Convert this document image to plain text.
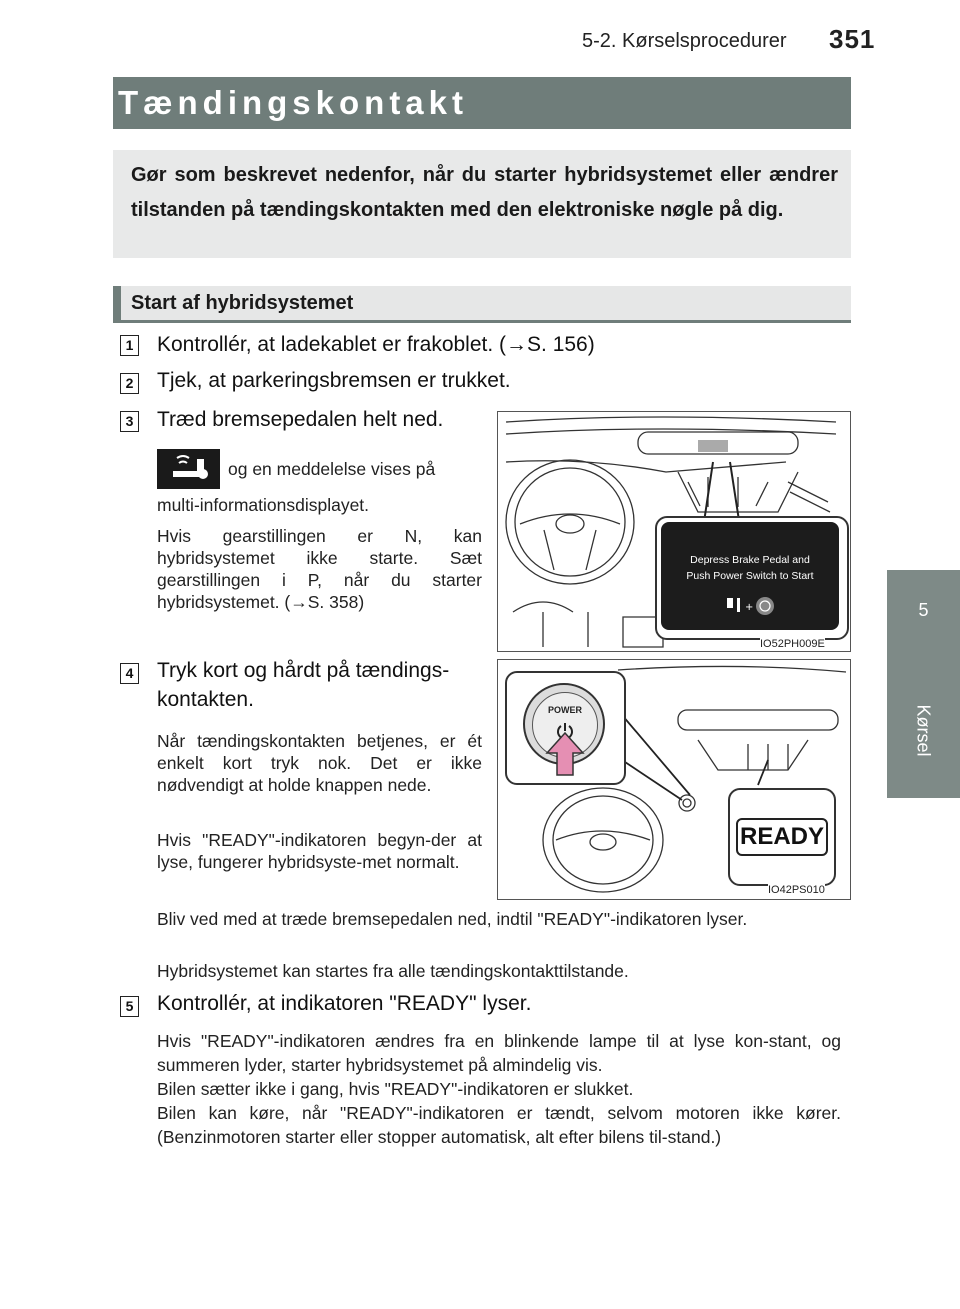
5-2. Kørselsprocedurer 351
5
Kørsel
Tændingskontakt
Gør som beskrevet nedenfor, når du starter hybridsystemet eller ændrer tilstanden på tændingskontakten med den elektroniske nøgle på dig.
Start af hybridsystemet
1 Kontrollér, at ladekablet er frakoblet. (→S. 156)
2 Tjek, at parkeringsbremsen er trukket.
3 Træd bremsepedalen helt ned.
og en meddelelse vises på
multi-informationsdisplayet.
Hvis gearstillingen er N, kan hybridsystemet ikke starte. Sæt gearstillingen i P, når du starter hybridsystemet. (→S. 358)
Depress Brake Pedal and
Push Power Switch to Start
+
IO52PH009E
4 Tryk kort og hårdt på tændings-
kontakten.
Når tændingskontakten betjenes, er ét enkelt kort tryk nok. Det er ikke nødvendigt at holde knappen nede.
Hvis "READY"-indikatoren begyn-der at lyse, fungerer hybridsyste-met normalt.
Bliv ved med at træde bremsepedalen ned, indtil "READY"-indikatoren lyser.
Hybridsystemet kan startes fra alle tændingskontakttilstande.
POWER
READY
IO42PS010
5 Kontrollér, at indikatoren "READY" lyser.
Hvis "READY"-indikatoren ændres fra en blinkende lampe til at lyse kon-stant, og summeren lyder, starter hybridsystemet på almindelig vis.
Bilen sætter ikke i gang, hvis "READY"-indikatoren er slukket.
Bilen kan køre, når "READY"-indikatoren er tændt, selvom motoren ikke kører. (Benzinmotoren starter eller stopper automatisk, alt efter bilens til-stand.)
